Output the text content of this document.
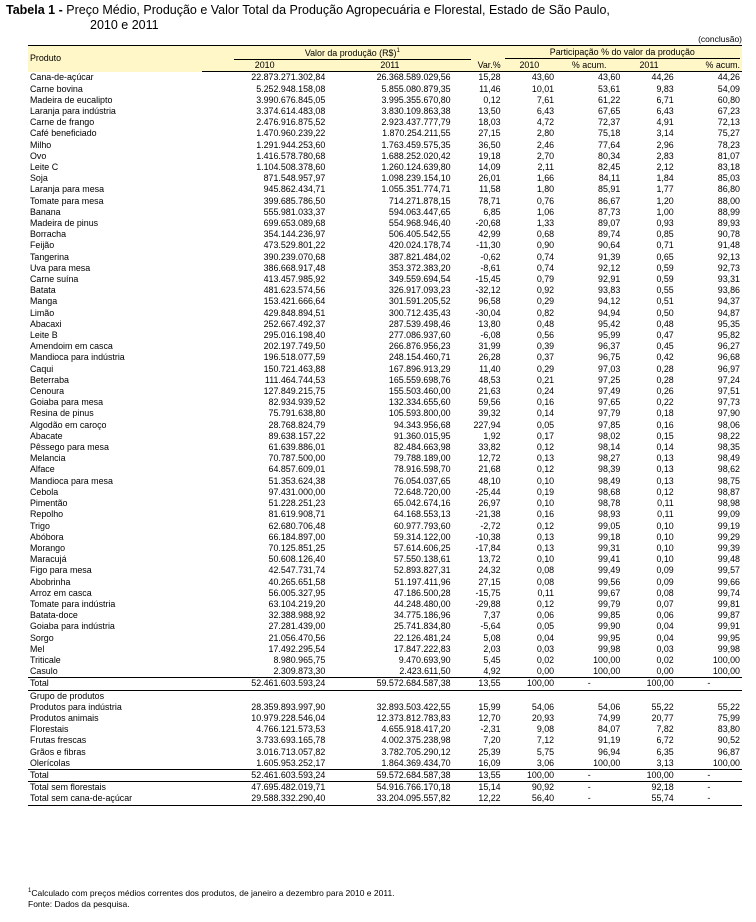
Tabela 1 - Preço Médio, Produção e Valor Total da Produção Agropecuária e Florestal, Estado de São Paulo,
2010 e 2011
(conclusão)
Produto	Valor da produção (R$)$^1$			Participação % do valor da produção			

	2010	2011	Var.%	2010	% acum.	2011	% acum.
Cana-de-açúcar	22.873.271.302,84	26.368.589.029,56	15,28	43,60	43,60	44,26	44,26
Carne bovina	5.252.948.158,08	5.855.080.879,35	11,46	10,01	53,61	9,83	54,09
Madeira de eucalipto	3.990.676.845,05	3.995.355.670,80	0,12	7,61	61,22	6,71	60,80
Laranja para indústria	3.374.614.483,08	3.830.109.863,38	13,50	6,43	67,65	6,43	67,23
Carne de frango	2.476.916.875,52	2.923.437.777,79	18,03	4,72	72,37	4,91	72,13
Café beneficiado	1.470.960.239,22	1.870.254.211,55	27,15	2,80	75,18	3,14	75,27
Milho	1.291.944.253,60	1.763.459.575,35	36,50	2,46	77,64	2,96	78,23
Ovo	1.416.578.780,68	1.688.252.020,42	19,18	2,70	80,34	2,83	81,07
Leite C	1.104.508.378,60	1.260.124.639,80	14,09	2,11	82,45	2,12	83,18
Soja	871.548.957,97	1.098.239.154,10	26,01	1,66	84,11	1,84	85,03
Laranja para mesa	945.862.434,71	1.055.351.774,71	11,58	1,80	85,91	1,77	86,80
Tomate para mesa	399.685.786,50	714.271.878,15	78,71	0,76	86,67	1,20	88,00
Banana	555.981.033,37	594.063.447,65	6,85	1,06	87,73	1,00	88,99
Madeira de pinus	699.653.089,68	554.968.946,40	-20,68	1,33	89,07	0,93	89,93
Borracha	354.144.236,97	506.405.542,55	42,99	0,68	89,74	0,85	90,78
Feijão	473.529.801,22	420.024.178,74	-11,30	0,90	90,64	0,71	91,48
Tangerina	390.239.070,68	387.821.484,02	-0,62	0,74	91,39	0,65	92,13
Uva para mesa	386.668.917,48	353.372.383,20	-8,61	0,74	92,12	0,59	92,73
Carne suína	413.457.985,92	349.559.694,54	-15,45	0,79	92,91	0,59	93,31
Batata	481.623.574,56	326.917.093,23	-32,12	0,92	93,83	0,55	93,86
Manga	153.421.666,64	301.591.205,52	96,58	0,29	94,12	0,51	94,37
Limão	429.848.894,51	300.712.435,43	-30,04	0,82	94,94	0,50	94,87
Abacaxi	252.667.492,37	287.539.498,46	13,80	0,48	95,42	0,48	95,35
Leite B	295.016.198,40	277.086.937,60	-6,08	0,56	95,99	0,47	95,82
Amendoim em casca	202.197.749,50	266.876.956,23	31,99	0,39	96,37	0,45	96,27
Mandioca para indústria	196.518.077,59	248.154.460,71	26,28	0,37	96,75	0,42	96,68
Caqui	150.721.463,88	167.896.913,29	11,40	0,29	97,03	0,28	96,97
Beterraba	111.464.744,53	165.559.698,76	48,53	0,21	97,25	0,28	97,24
Cenoura	127.849.215,75	155.503.460,00	21,63	0,24	97,49	0,26	97,51
Goiaba para mesa	82.934.939,52	132.334.655,60	59,56	0,16	97,65	0,22	97,73
Resina de pinus	75.791.638,80	105.593.800,00	39,32	0,14	97,79	0,18	97,90
Algodão em caroço	28.768.824,79	94.343.956,68	227,94	0,05	97,85	0,16	98,06
Abacate	89.638.157,22	91.360.015,95	1,92	0,17	98,02	0,15	98,22
Pêssego para mesa	61.639.886,01	82.484.663,98	33,82	0,12	98,14	0,14	98,35
Melancia	70.787.500,00	79.788.189,00	12,72	0,13	98,27	0,13	98,49
Alface	64.857.609,01	78.916.598,70	21,68	0,12	98,39	0,13	98,62
Mandioca para mesa	51.353.624,38	76.054.037,65	48,10	0,10	98,49	0,13	98,75
Cebola	97.431.000,00	72.648.720,00	-25,44	0,19	98,68	0,12	98,87
Pimentão	51.228.251,23	65.042.674,16	26,97	0,10	98,78	0,11	98,98
Repolho	81.619.908,71	64.168.553,13	-21,38	0,16	98,93	0,11	99,09
Trigo	62.680.706,48	60.977.793,60	-2,72	0,12	99,05	0,10	99,19
Abóbora	66.184.897,00	59.314.122,00	-10,38	0,13	99,18	0,10	99,29
Morango	70.125.851,25	57.614.606,25	-17,84	0,13	99,31	0,10	99,39
Maracujá	50.608.126,40	57.550.138,61	13,72	0,10	99,41	0,10	99,48
Figo para mesa	42.547.731,74	52.893.827,31	24,32	0,08	99,49	0,09	99,57
Abobrinha	40.265.651,58	51.197.411,96	27,15	0,08	99,56	0,09	99,66
Arroz em casca	56.005.327,95	47.186.500,28	-15,75	0,11	99,67	0,08	99,74
Tomate para indústria	63.104.219,20	44.248.480,00	-29,88	0,12	99,79	0,07	99,81
Batata-doce	32.388.988,92	34.775.186,96	7,37	0,06	99,85	0,06	99,87
Goiaba para indústria	27.281.439,00	25.741.834,80	-5,64	0,05	99,90	0,04	99,91
Sorgo	21.056.470,56	22.126.481,24	5,08	0,04	99,95	0,04	99,95
Mel	17.492.295,54	17.847.222,83	2,03	0,03	99,98	0,03	99,98
Triticale	8.980.965,75	9.470.693,90	5,45	0,02	100,00	0,02	100,00
Casulo	2.309.873,30	2.423.611,50	4,92	0,00	100,00	0,00	100,00
Total	52.461.603.593,24	59.572.684.587,38	13,55	100,00	-	100,00	-
Grupo de produtos							
Produtos para indústria	28.359.893.997,90	32.893.503.422,55	15,99	54,06	54,06	55,22	55,22
Produtos animais	10.979.228.546,04	12.373.812.783,83	12,70	20,93	74,99	20,77	75,99
Florestais	4.766.121.573,53	4.655.918.417,20	-2,31	9,08	84,07	7,82	83,80
Frutas frescas	3.733.693.165,78	4.002.375.238,98	7,20	7,12	91,19	6,72	90,52
Grãos e fibras	3.016.713.057,82	3.782.705.290,12	25,39	5,75	96,94	6,35	96,87
Olerícolas	1.605.953.252,17	1.864.369.434,70	16,09	3,06	100,00	3,13	100,00
Total	52.461.603.593,24	59.572.684.587,38	13,55	100,00	-	100,00	-
Total sem florestais	47.695.482.019,71	54.916.766.170,18	15,14	90,92	-	92,18	-
Total sem cana-de-açúcar	29.588.332.290,40	33.204.095.557,82	12,22	56,40	-	55,74	-
$^1$Calculado com preços médios correntes dos produtos, de janeiro a dezembro para 2010 e 2011.
Fonte: Dados da pesquisa.
